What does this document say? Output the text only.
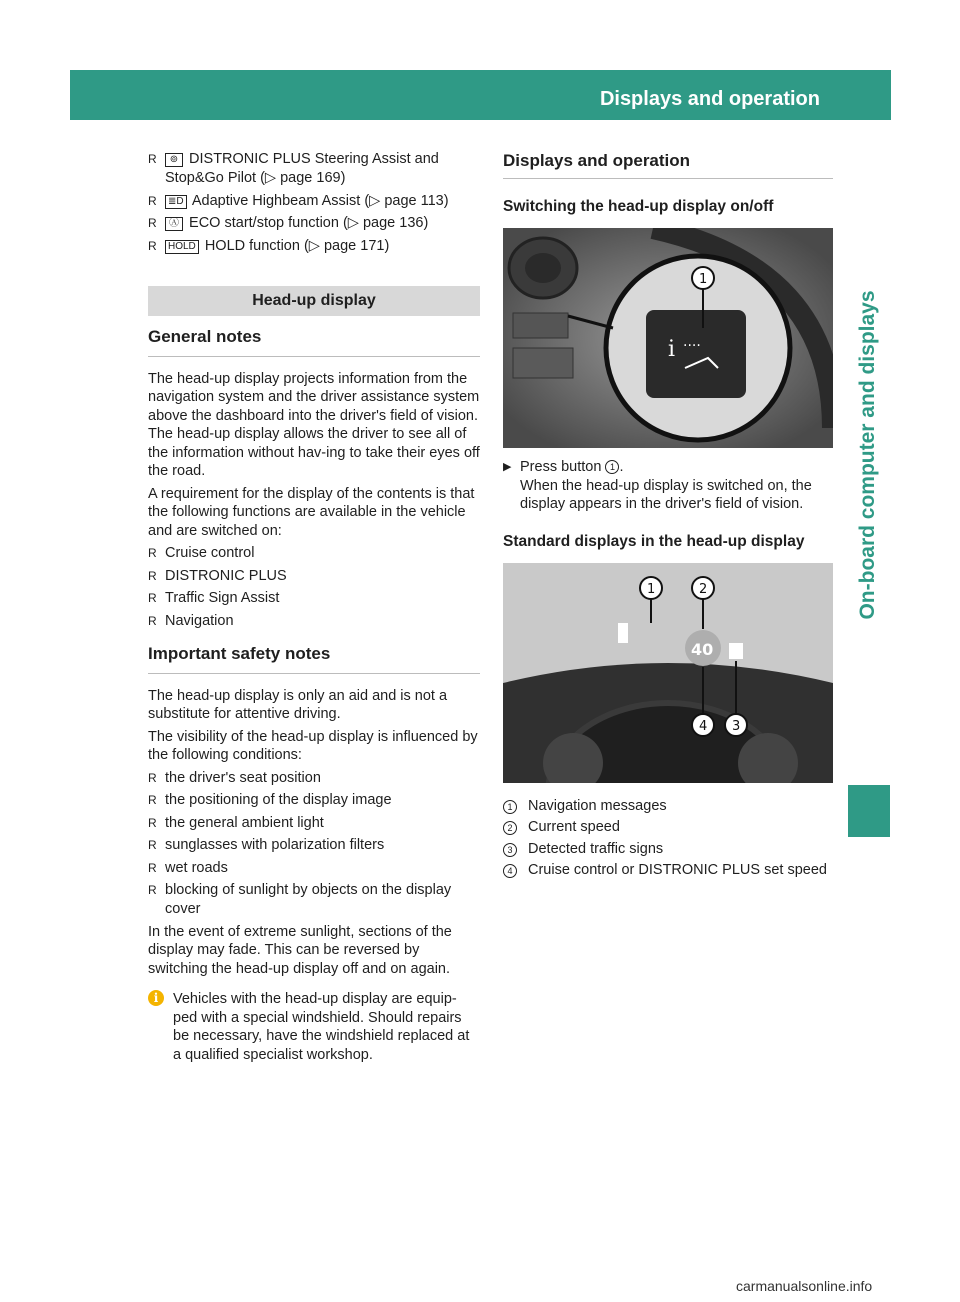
Displays and operation	211
On-board computer and displays
R ⊚ DISTRONIC PLUS Steering Assist and Stop&Go Pilot (▷ page 169)
R ≣D Adaptive Highbeam Assist (▷ page 113)
R Ⓐ ECO start/stop function (▷ page 136)
R HOLD HOLD function (▷ page 171)
Head-up display
General notes

The head-up display projects information from the navigation system and the driver assistance system above the dashboard into the driver's field of vision. The head-up display allows the driver to see all of the information without hav-ing to take their eyes off the road.

A requirement for the display of the contents is that the following functions are available in the vehicle and are switched on:

R Cruise control
R DISTRONIC PLUS
R Traffic Sign Assist
R Navigation
Important safety notes

The head-up display is only an aid and is not a substitute for attentive driving.

The visibility of the head-up display is influenced by the following conditions:

R the driver's seat position
R the positioning of the display image
R the general ambient light
R sunglasses with polarization filters
R wet roads
R blocking of sunlight by objects on the display cover

In the event of extreme sunlight, sections of the display may fade. This can be reversed by switching the head-up display off and on again.

i	Vehicles with the head-up display are equip-ped with a special windshield. Should repairs be necessary, have the windshield replaced at a qualified specialist workshop.
Displays and operation
Switching the head-up display on/off
i ····
1
▶ Press button 1 .
When the head-up display is switched on, the display appears in the driver's field of vision.
Standard displays in the head-up display
40
1	2
4 3
1	Navigation messages
2	Current speed
3	Detected traffic signs
4	Cruise control or DISTRONIC PLUS set speed
carmanualsonline.info
